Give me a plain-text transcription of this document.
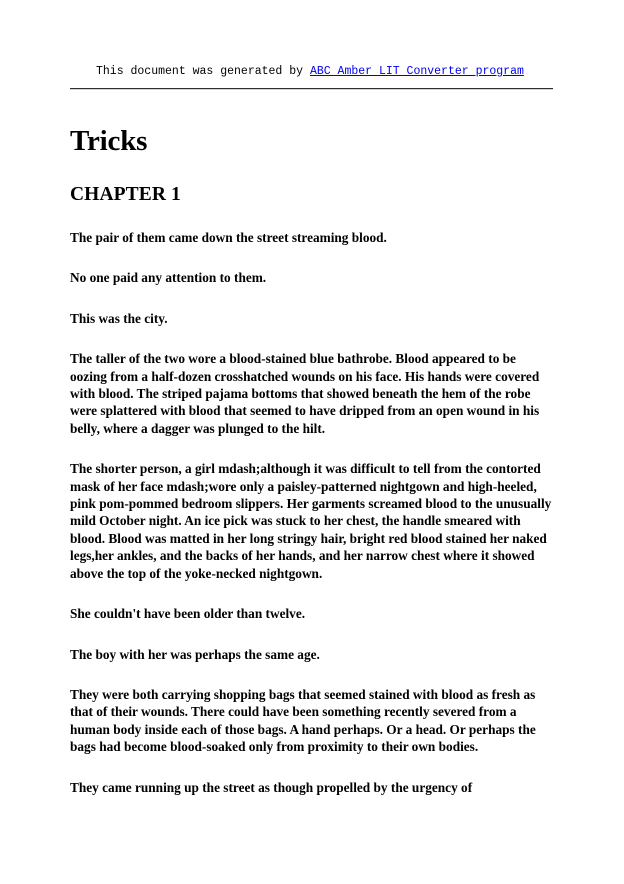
This document was generated by ABC Amber LIT Converter program
Tricks
CHAPTER 1

The pair of them came down the street streaming blood.

No one paid any attention to them.

This was the city.

The taller of the two wore a blood-stained blue bathrobe. Blood appeared to be oozing from a half-dozen crosshatched wounds on his face. His hands were covered with blood. The striped pajama bottoms that showed beneath the hem of the robe were splattered with blood that seemed to have dripped from an open wound in his belly, where a dagger was plunged to the hilt.

The shorter person, a girl mdash;although it was difficult to tell from the contorted mask of her face mdash;wore only a paisley-patterned nightgown and high-heeled, pink pom-pommed bedroom slippers. Her garments screamed blood to the unusually mild October night. An ice pick was stuck to her chest, the handle smeared with blood. Blood was matted in her long stringy hair, bright red blood stained her naked legs,her ankles, and the backs of her hands, and her narrow chest where it showed above the top of the yoke-necked nightgown.

She couldn't have been older than twelve.

The boy with her was perhaps the same age.

They were both carrying shopping bags that seemed stained with blood as fresh as that of their wounds. There could have been something recently severed from a human body inside each of those bags. A hand perhaps. Or a head. Or perhaps the bags had become blood-soaked only from proximity to their own bodies.

They came running up the street as though propelled by the urgency of
